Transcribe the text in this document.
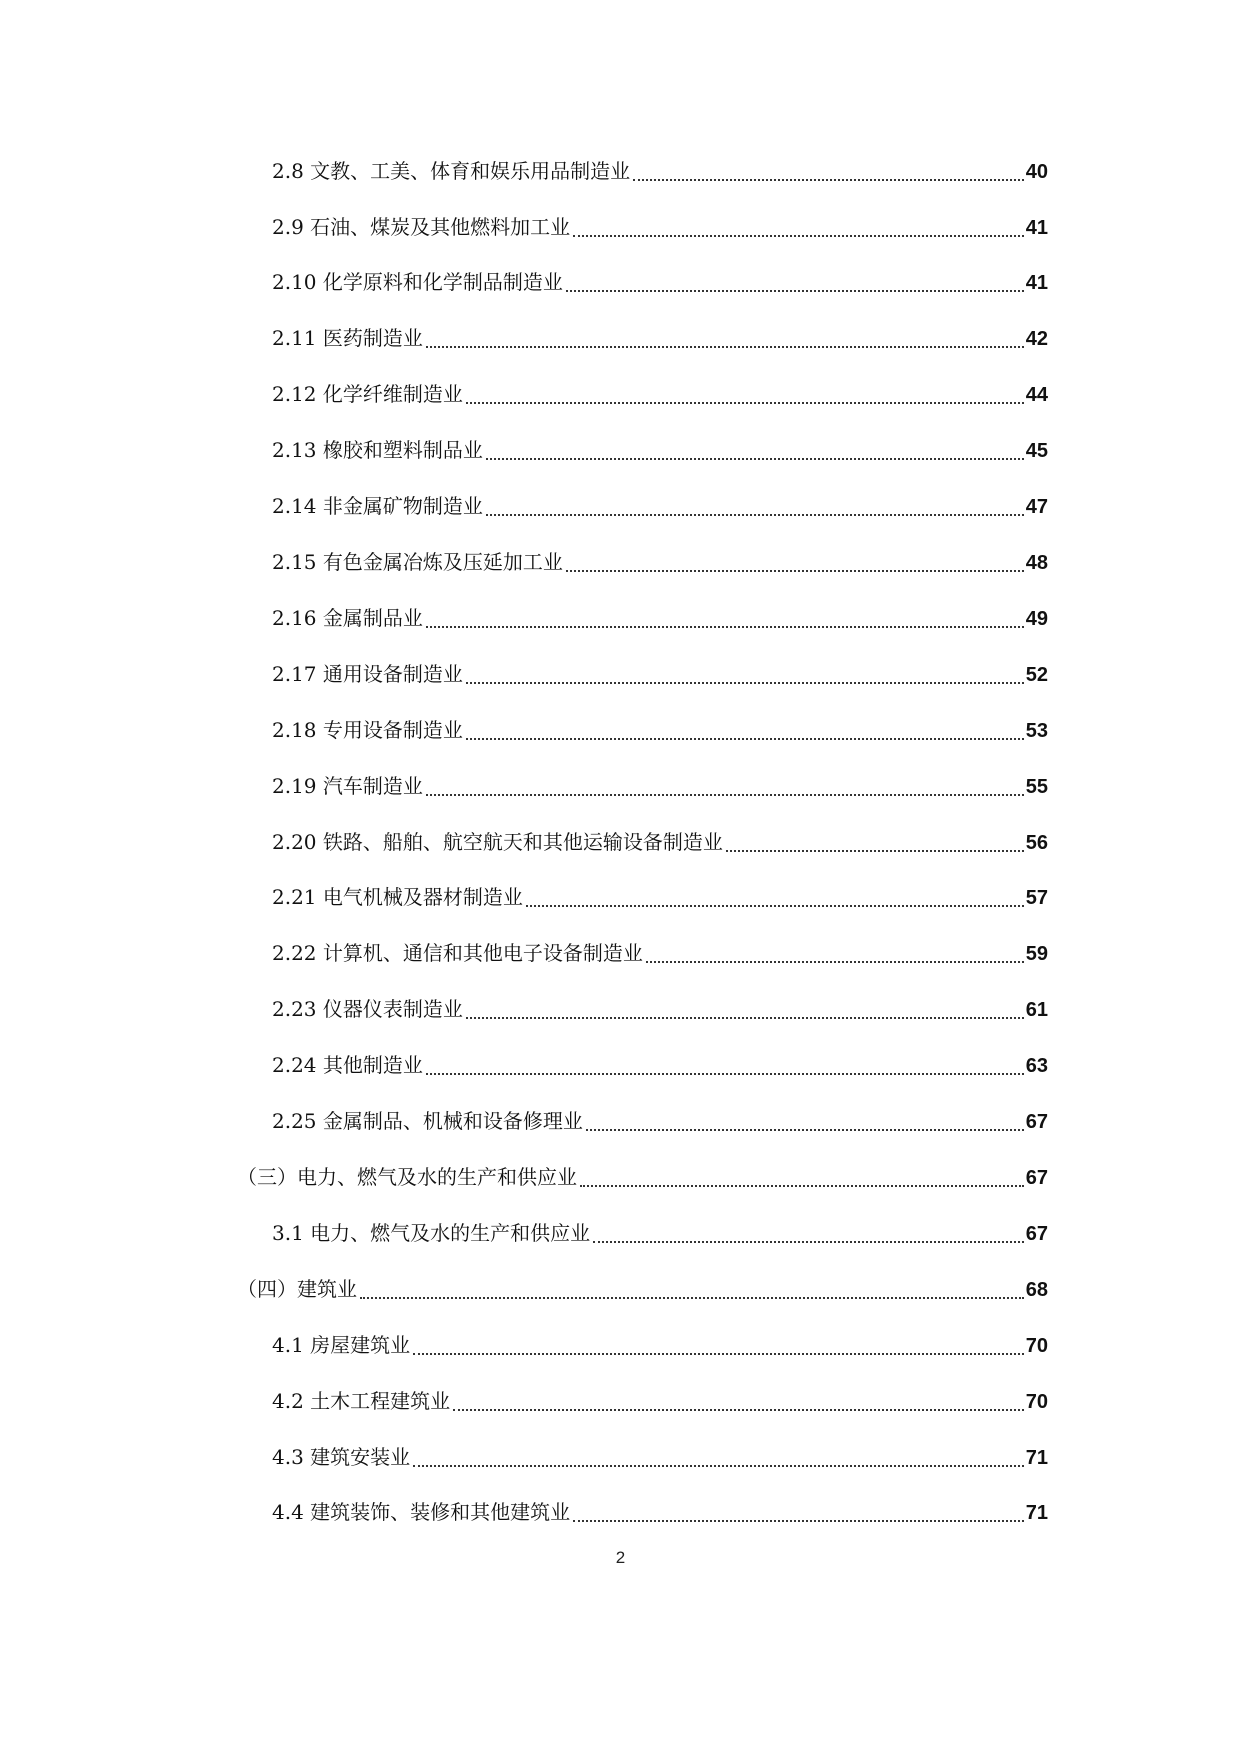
2.8 文教、工美、体育和娱乐用品制造业	40
2.9 石油、煤炭及其他燃料加工业	41
2.10 化学原料和化学制品制造业	41
2.11 医药制造业	42
2.12 化学纤维制造业	44
2.13 橡胶和塑料制品业	45
2.14 非金属矿物制造业	47
2.15 有色金属冶炼及压延加工业	48
2.16 金属制品业	49
2.17 通用设备制造业	52
2.18 专用设备制造业	53
2.19 汽车制造业	55
2.20 铁路、船舶、航空航天和其他运输设备制造业	56
2.21 电气机械及器材制造业	57
2.22 计算机、通信和其他电子设备制造业	59
2.23 仪器仪表制造业	61
2.24 其他制造业	63
2.25 金属制品、机械和设备修理业	67
（三）电力、燃气及水的生产和供应业	67
3.1 电力、燃气及水的生产和供应业	67
（四）建筑业	68
4.1 房屋建筑业	70
4.2 土木工程建筑业	70
4.3 建筑安装业	71
4.4 建筑装饰、装修和其他建筑业	71
2
